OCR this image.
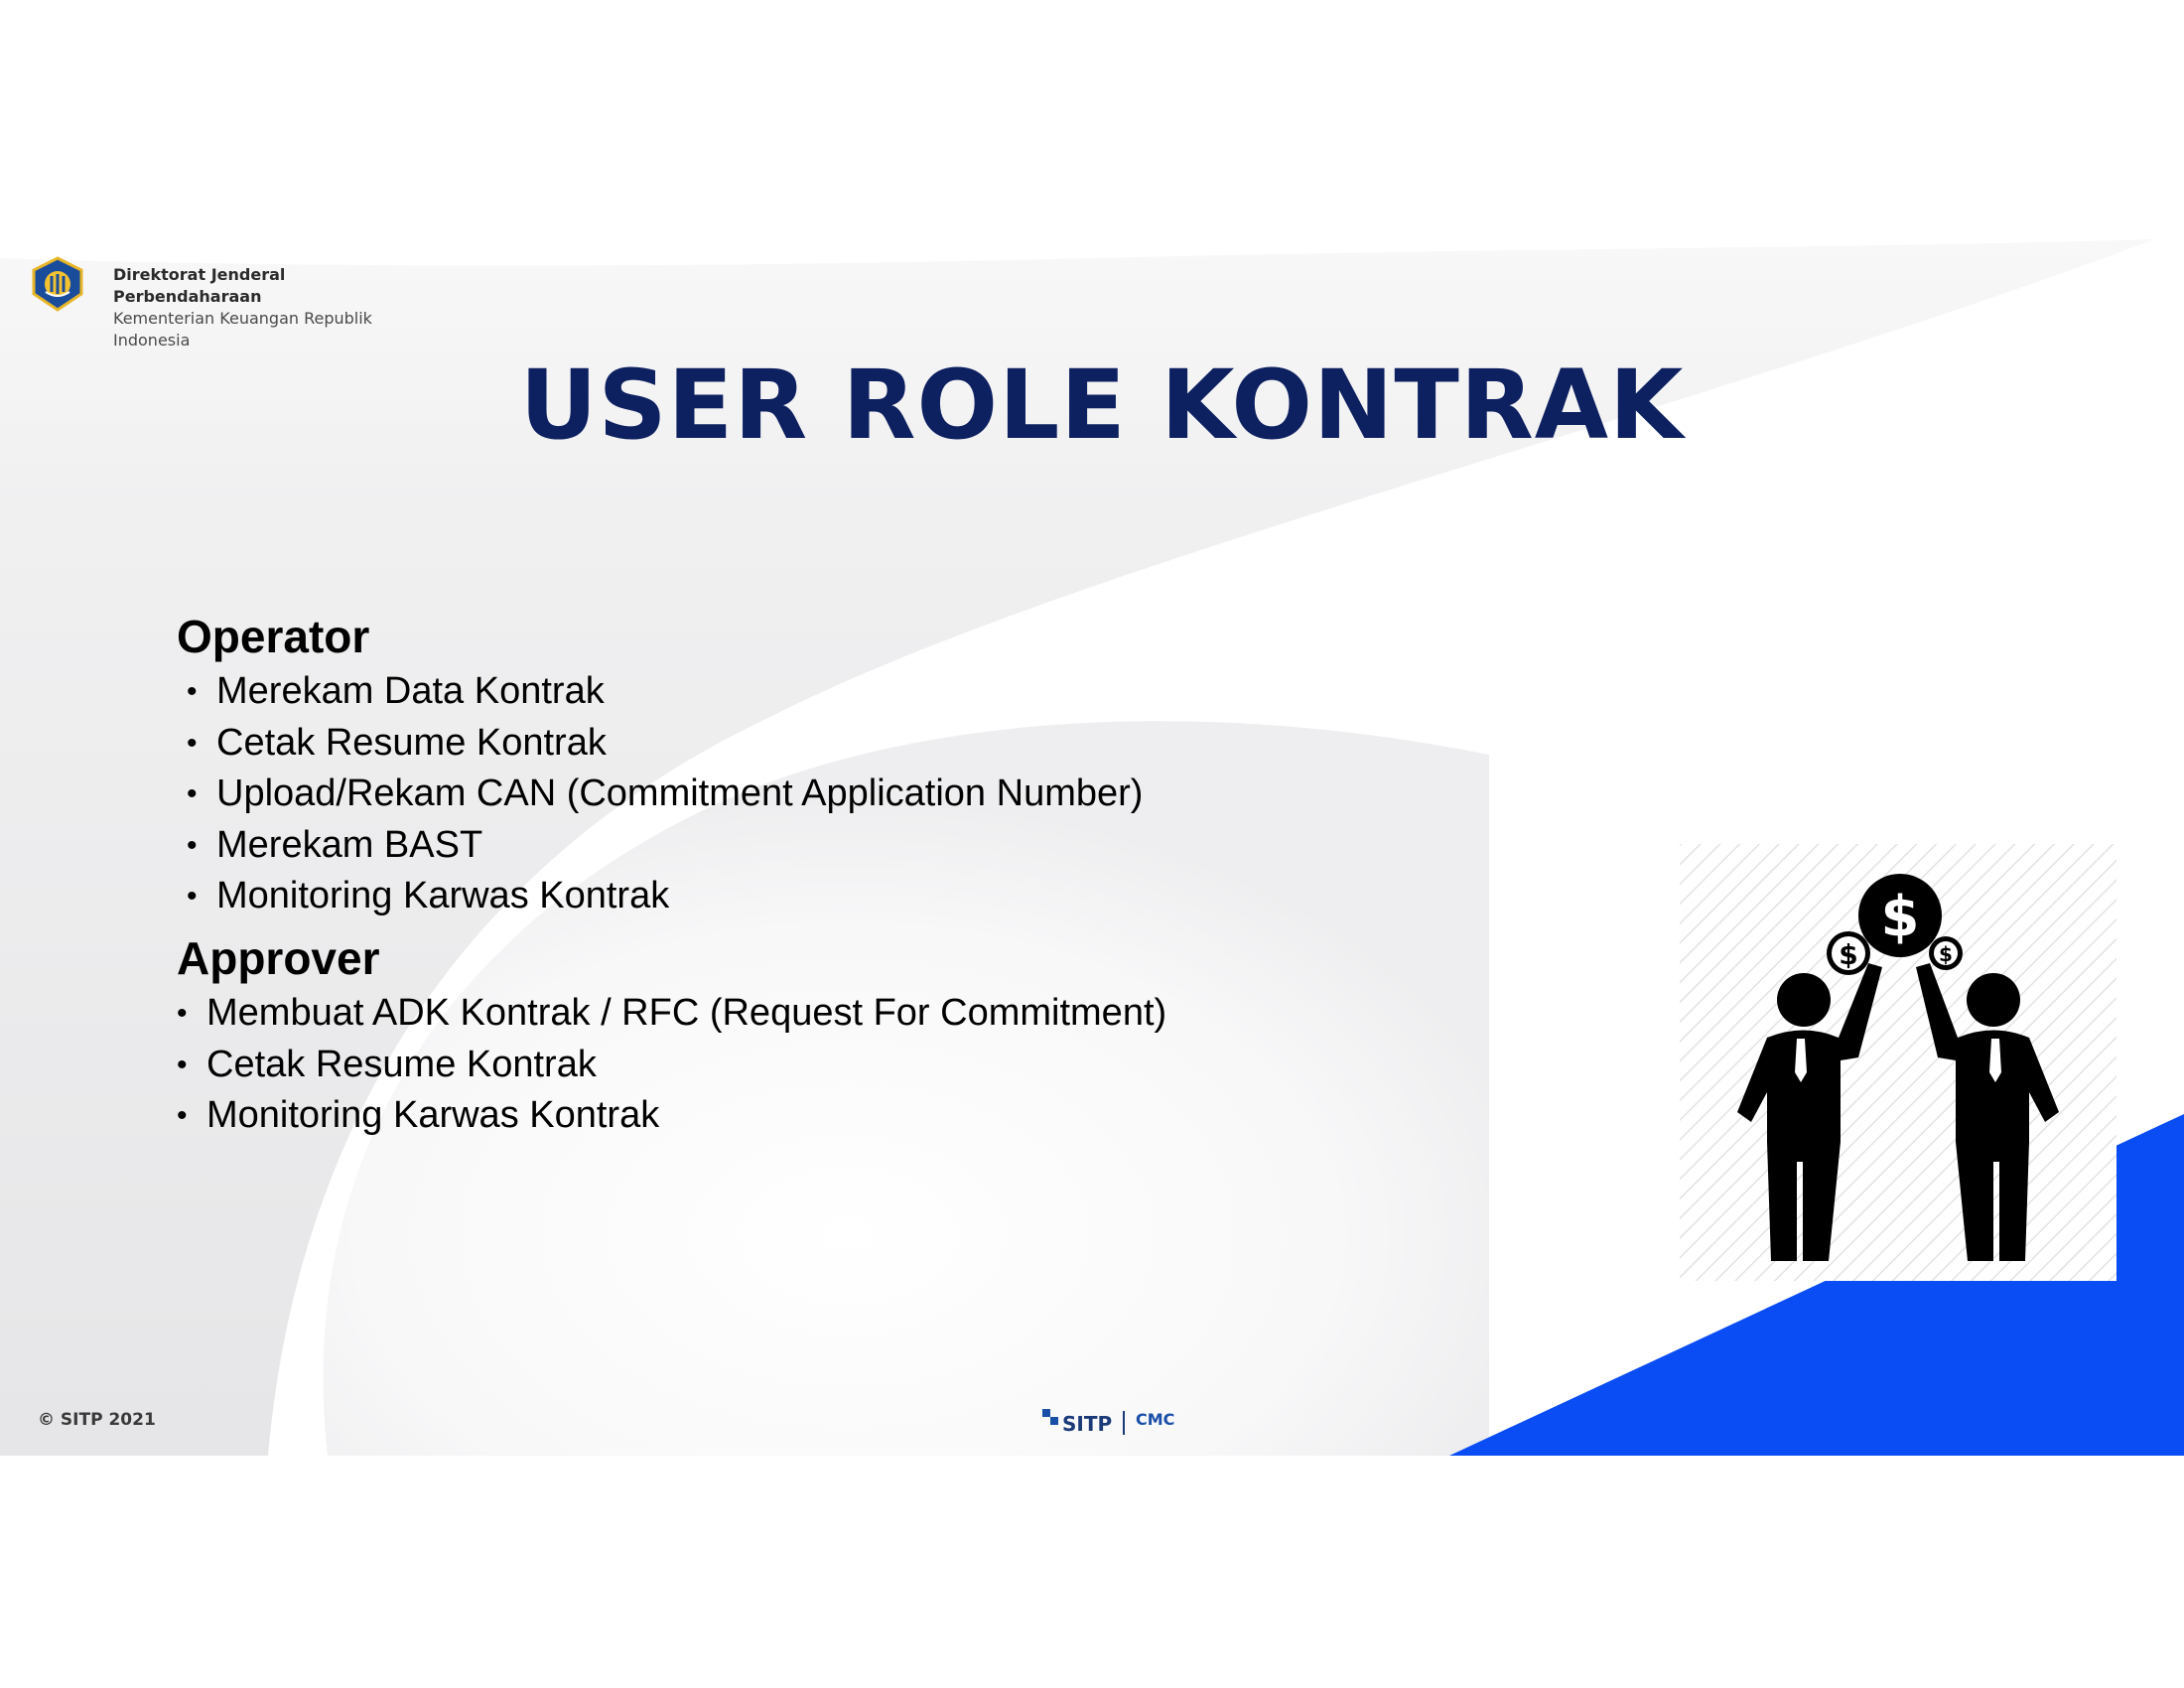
Direktorat Jenderal
Perbendaharaan
Kementerian Keuangan Republik
Indonesia
USER ROLE KONTRAK
Operator
• Merekam Data Kontrak
• Cetak Resume Kontrak
• Upload/Rekam CAN (Commitment Application Number)
• Merekam BAST
• Monitoring Karwas Kontrak
Approver
• Membuat ADK Kontrak / RFC (Request For Commitment)
• Cetak Resume Kontrak
• Monitoring Karwas Kontrak
$
$	$
© SITP 2021	SITP CMC
